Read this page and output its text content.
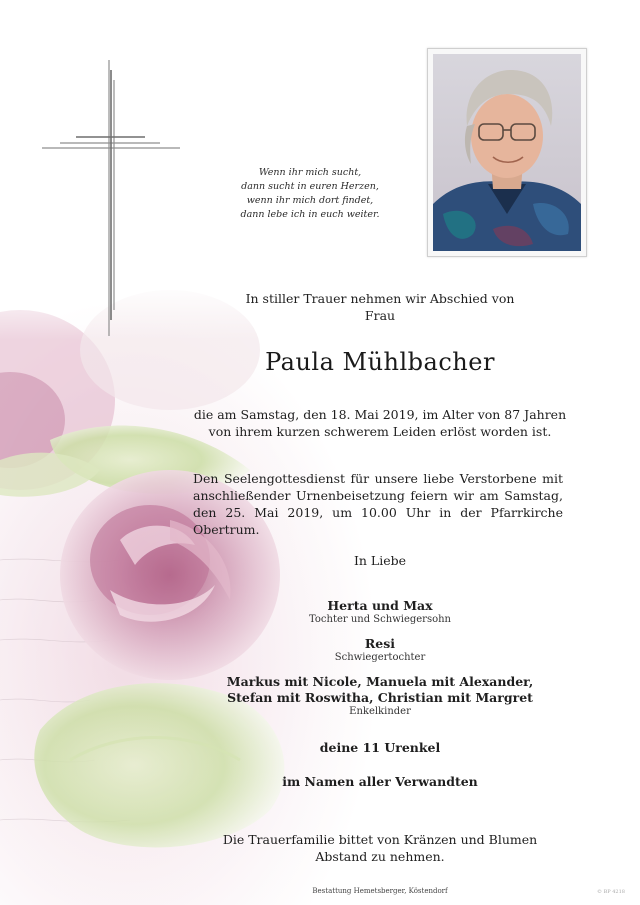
Wenn ihr mich sucht,
dann sucht in euren Herzen,
wenn ihr mich dort findet,
dann lebe ich in euch weiter.
In stiller Trauer nehmen wir Abschied von
Frau
Paula Mühlbacher
die am Samstag, den 18. Mai 2019, im Alter von 87 Jahren
von ihrem kurzen schwerem Leiden erlöst worden ist.
Den Seelengottesdienst für unsere liebe Verstorbene mit anschließender Urnenbeisetzung feiern wir am Samstag, den 25. Mai 2019, um 10.00 Uhr in der Pfarrkirche Obertrum.
In Liebe
Herta und Max
Tochter und Schwiegersohn
Resi
Schwiegertochter
Markus mit Nicole, Manuela mit Alexander,
Stefan mit Roswitha, Christian mit Margret
Enkelkinder
deine 11 Urenkel
im Namen aller Verwandten
Die Trauerfamilie bittet von Kränzen und Blumen
Abstand zu nehmen.
Bestattung Hemetsberger, Köstendorf	© BP 4218
